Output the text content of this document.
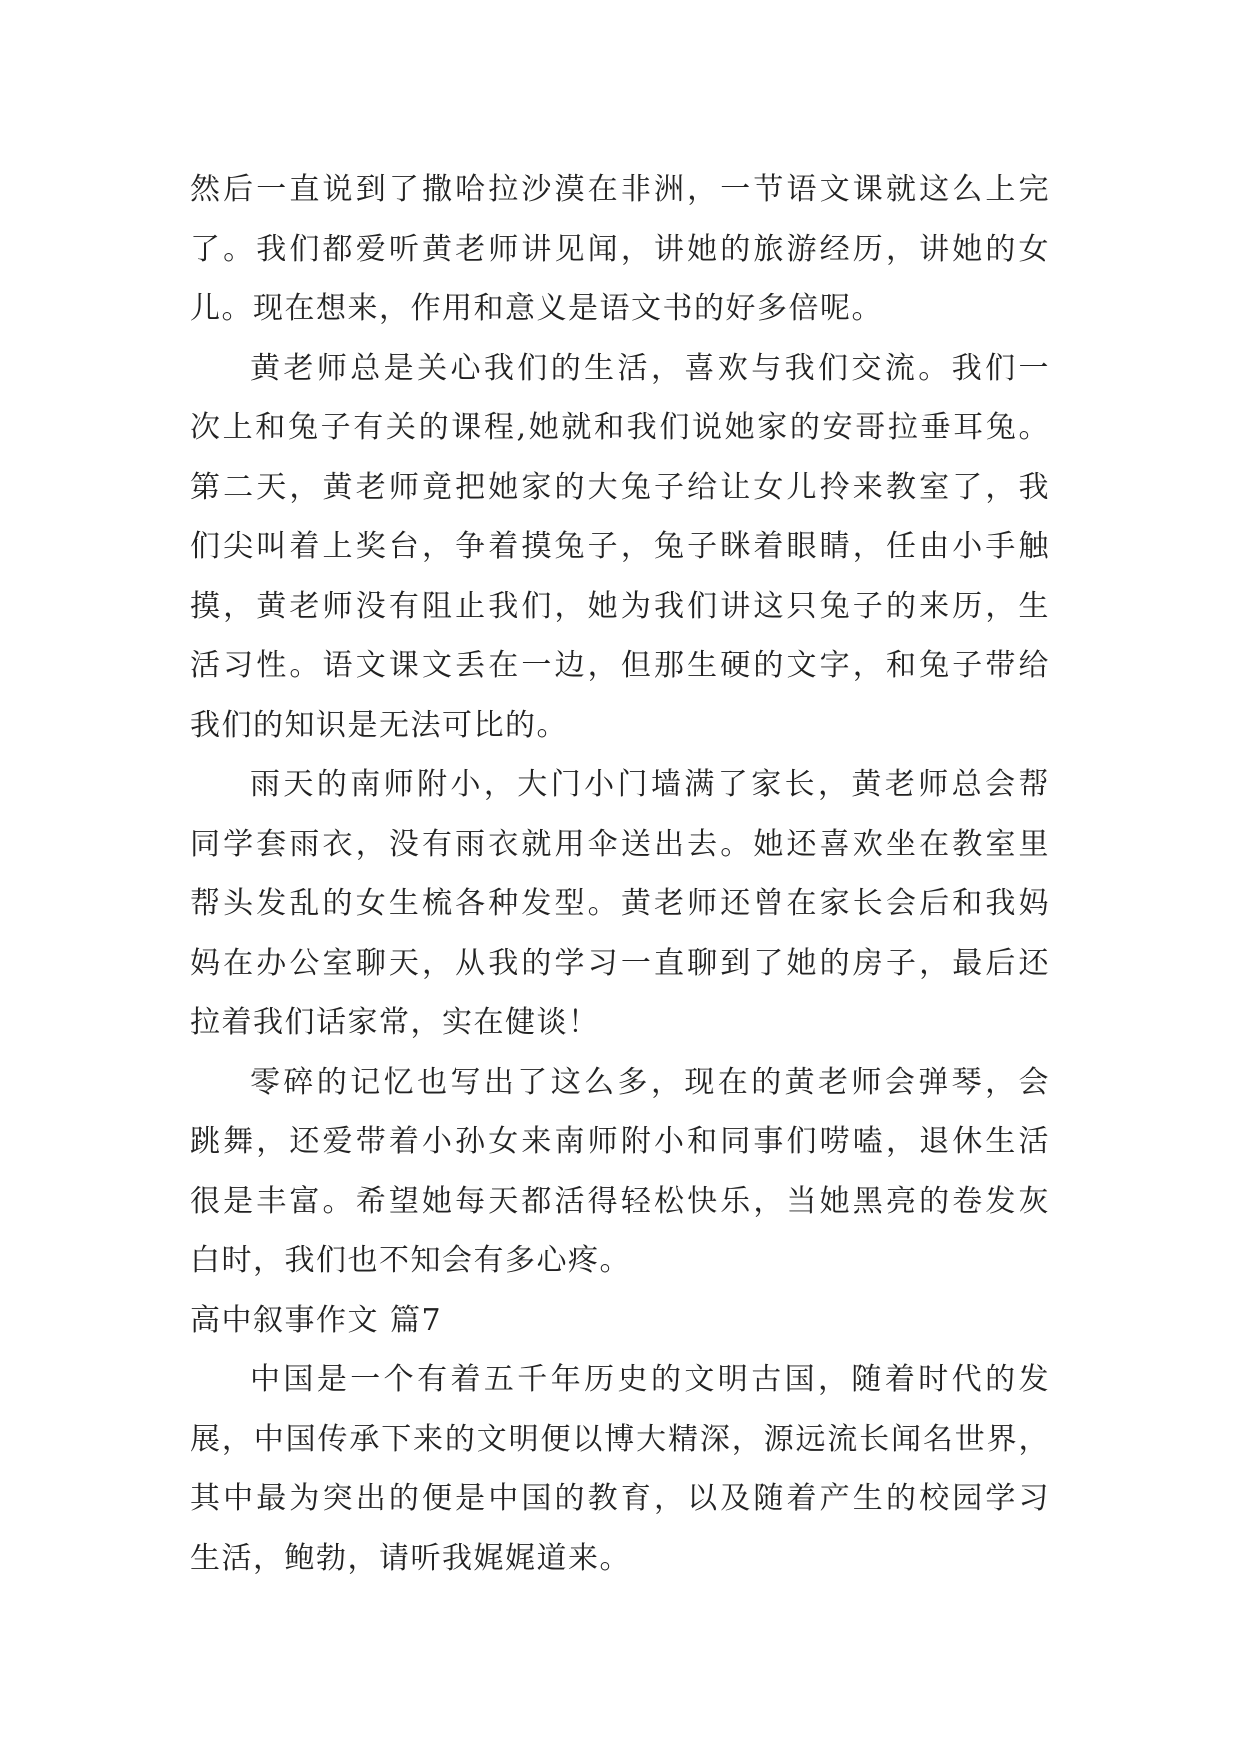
然后一直说到了撒哈拉沙漠在非洲，一节语文课就这么上完
了。我们都爱听黄老师讲见闻，讲她的旅游经历，讲她的女
儿。现在想来，作用和意义是语文书的好多倍呢。
黄老师总是关心我们的生活，喜欢与我们交流。我们一
次上和兔子有关的课程,她就和我们说她家的安哥拉垂耳兔。
第二天，黄老师竟把她家的大兔子给让女儿拎来教室了，我
们尖叫着上奖台，争着摸兔子，兔子眯着眼睛，任由小手触
摸，黄老师没有阻止我们，她为我们讲这只兔子的来历，生
活习性。语文课文丢在一边，但那生硬的文字，和兔子带给
我们的知识是无法可比的。
雨天的南师附小，大门小门墙满了家长，黄老师总会帮
同学套雨衣，没有雨衣就用伞送出去。她还喜欢坐在教室里
帮头发乱的女生梳各种发型。黄老师还曾在家长会后和我妈
妈在办公室聊天，从我的学习一直聊到了她的房子，最后还
拉着我们话家常，实在健谈！
零碎的记忆也写出了这么多，现在的黄老师会弹琴，会
跳舞，还爱带着小孙女来南师附小和同事们唠嗑，退休生活
很是丰富。希望她每天都活得轻松快乐，当她黑亮的卷发灰
白时，我们也不知会有多心疼。
高中叙事作文 篇7
中国是一个有着五千年历史的文明古国，随着时代的发
展，中国传承下来的文明便以博大精深，源远流长闻名世界，
其中最为突出的便是中国的教育，以及随着产生的校园学习
生活，鲍勃，请听我娓娓道来。
